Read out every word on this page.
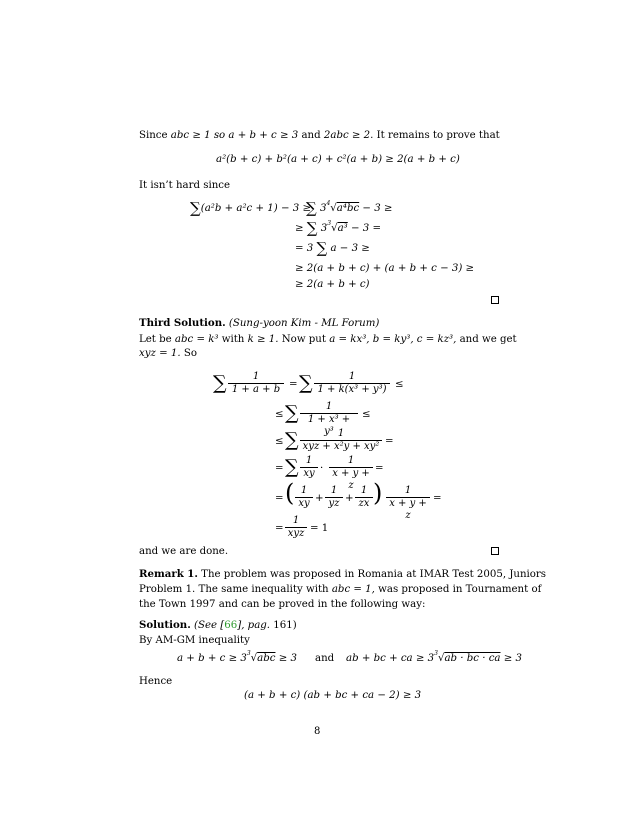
Since abc ≥ 1 so a + b + c ≥ 3 and 2abc ≥ 2. It remains to prove that
a²(b + c) + b²(a + c) + c²(a + b) ≥ 2(a + b + c)
It isn’t hard since
∑(a²b + a²c + 1) − 3 ≥
∑ $3^4√a^4bc - 3$ ≥
≥ ∑ $3^3√a^3 - 3$ =
= 3 ∑ a − 3 ≥
≥ 2(a + b + c) + (a + b + c − 3) ≥
≥ 2(a + b + c)
Third Solution. (Sung-yoon Kim - ML Forum)
Let be abc = k³ with k ≥ 1. Now put a = kx³, b = ky³, c = kz³, and we get
xyz = 1. So
∑ $\frac{1}{1 + a + b}$ = ∑ $\frac{1}{\text{1 + k(x³ + y³)}}$ ≤
≤ ∑ $\frac{1}{\text{1 + x³ + y³}}$ ≤
≤ ∑	1
xyz + x²y + xy² =
= ∑ $\frac{1}{xy} \cdot \frac{1}{x + y + z}$ =
= ( $\frac{1}{xy} + \frac{1}{yz} + \frac{1}{zx}$ ) $\frac{1}{x + y + z}$ =
=
1
xyz = 1
and we are done.
Remark 1. The problem was proposed in Romania at IMAR Test 2005, Juniors
Problem 1. The same inequality with abc = 1, was proposed in Tournament of
the Town 1997 and can be proved in the following way:
Solution. (See [66], pag. 161)
By AM-GM inequality
$a + b + c \ge 3^3√abc \ge 3$ and ab + bc + ca ≥ $3^3√ab$ · bc · ca ≥ 3
Hence
(a + b + c) (ab + bc + ca − 2) ≥ 3
8
